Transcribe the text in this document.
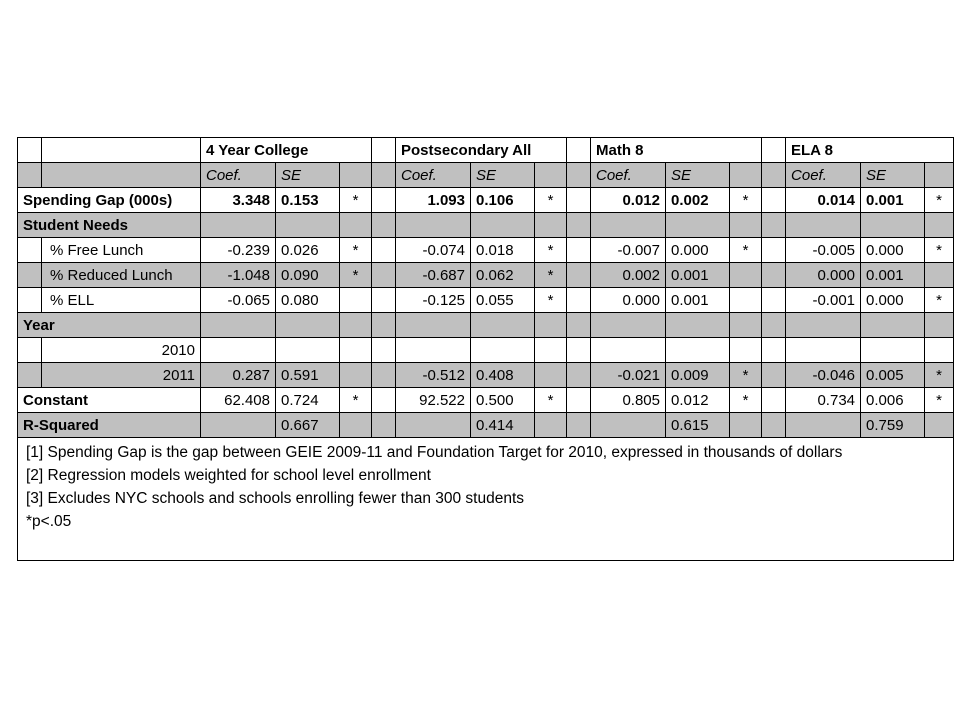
		4 Year College				Postsecondary All				Math 8				ELA 8		
		Coef.	SE			Coef.	SE			Coef.	SE			Coef.	SE	
Spending Gap (000s)		3.348	0.153	*		1.093	0.106	*		0.012	0.002	*		0.014	0.001	*
Student Needs																
	% Free Lunch	-0.239	0.026	*		-0.074	0.018	*		-0.007	0.000	*		-0.005	0.000	*
	% Reduced Lunch	-1.048	0.090	*		-0.687	0.062	*		0.002	0.001			0.000	0.001	
	% ELL	-0.065	0.080			-0.125	0.055	*		0.000	0.001			-0.001	0.000	*
Year																
	2010															
	2011	0.287	0.591			-0.512	0.408			-0.021	0.009	*		-0.046	0.005	*
Constant		62.408	0.724	*		92.522	0.500	*		0.805	0.012	*		0.734	0.006	*
R-Squared			0.667				0.414				0.615				0.759	

[1] Spending Gap is the gap between GEIE 2009-11 and Foundation Target for 2010, expressed in thousands of dollars
[2] Regression models weighted for school level enrollment
[3] Excludes NYC schools and schools enrolling fewer than 300 students
*p<.05																
